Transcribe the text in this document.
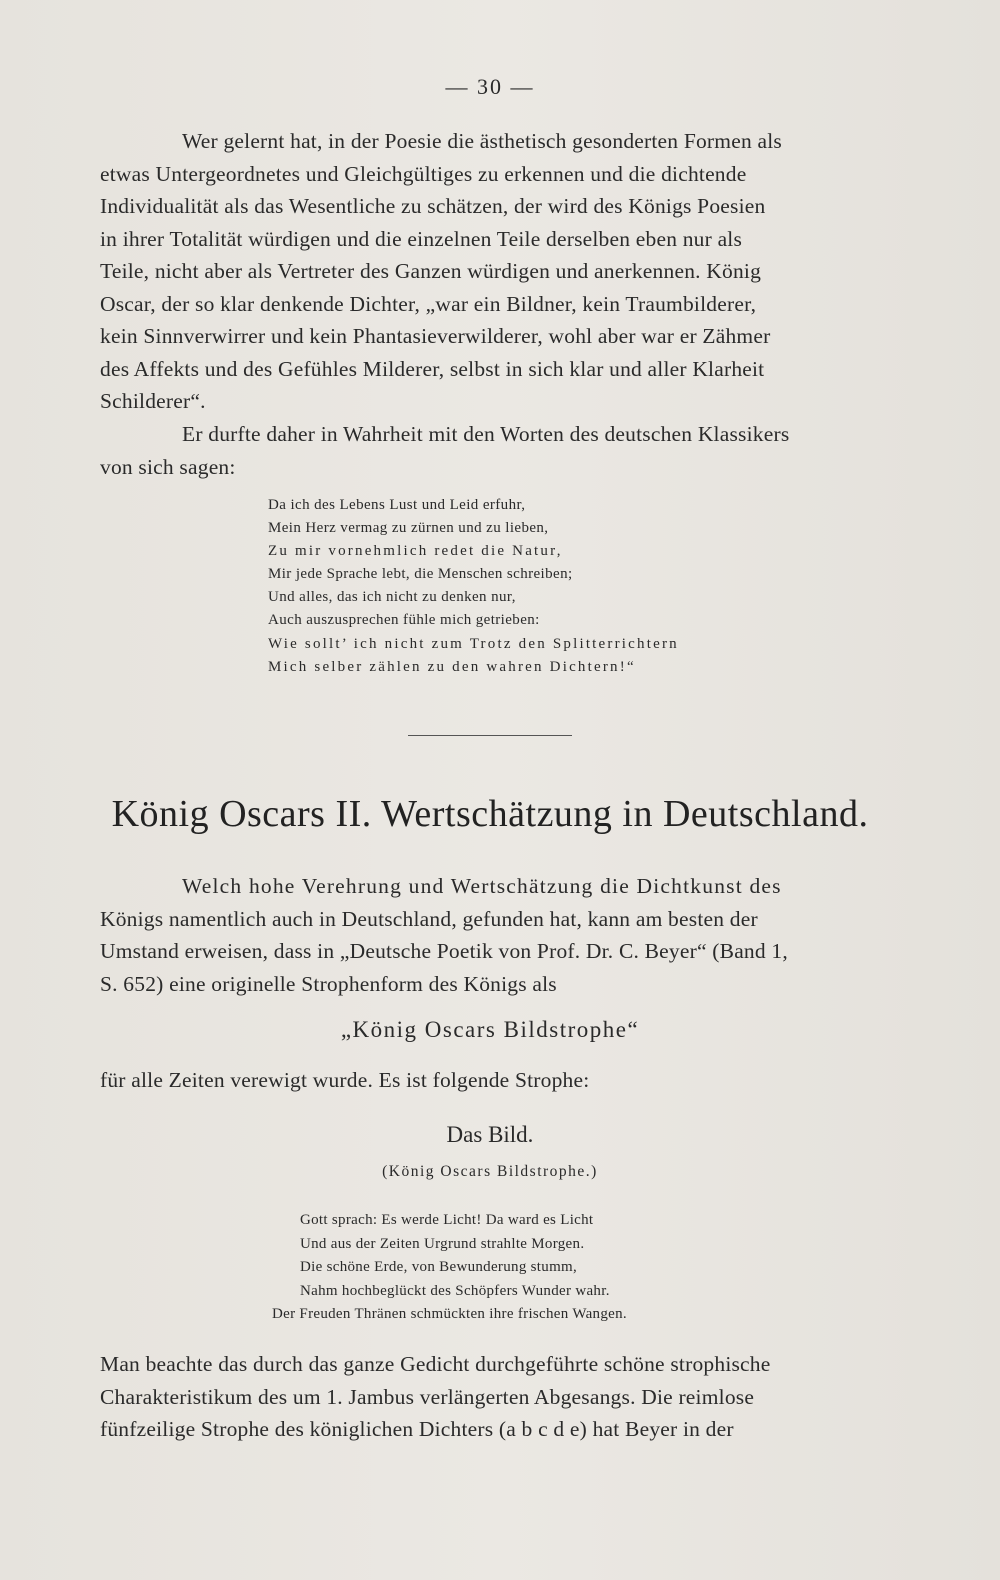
— 30 —
Wer gelernt hat, in der Poesie die ästhetisch gesonderten Formen als
etwas Untergeordnetes und Gleichgültiges zu erkennen und die dichtende
Individualität als das Wesentliche zu schätzen, der wird des Königs Poesien
in ihrer Totalität würdigen und die einzelnen Teile derselben eben nur als
Teile, nicht aber als Vertreter des Ganzen würdigen und anerkennen. König
Oscar, der so klar denkende Dichter, „war ein Bildner, kein Traumbilderer,
kein Sinnverwirrer und kein Phantasieverwilderer, wohl aber war er Zähmer
des Affekts und des Gefühles Milderer, selbst in sich klar und aller Klarheit
Schilderer“.
Er durfte daher in Wahrheit mit den Worten des deutschen Klassikers
von sich sagen:
Da ich des Lebens Lust und Leid erfuhr,
Mein Herz vermag zu zürnen und zu lieben,
Zu mir vornehmlich redet die Natur,
Mir jede Sprache lebt, die Menschen schreiben;
Und alles, das ich nicht zu denken nur,
Auch auszusprechen fühle mich getrieben:
Wie sollt’ ich nicht zum Trotz den Splitterrichtern
Mich selber zählen zu den wahren Dichtern!“
König Oscars II. Wertschätzung in Deutschland.
Welch hohe Verehrung und Wertschätzung die Dichtkunst des
Königs namentlich auch in Deutschland, gefunden hat, kann am besten der
Umstand erweisen, dass in „Deutsche Poetik von Prof. Dr. C. Beyer“ (Band 1,
S. 652) eine originelle Strophenform des Königs als
„König Oscars Bildstrophe“
für alle Zeiten verewigt wurde. Es ist folgende Strophe:
Das Bild.
(König Oscars Bildstrophe.)
Gott sprach: Es werde Licht! Da ward es Licht
Und aus der Zeiten Urgrund strahlte Morgen.
Die schöne Erde, von Bewunderung stumm,
Nahm hochbeglückt des Schöpfers Wunder wahr.
Der Freuden Thränen schmückten ihre frischen Wangen.
Man beachte das durch das ganze Gedicht durchgeführte schöne strophische
Charakteristikum des um 1. Jambus verlängerten Abgesangs. Die reimlose
fünfzeilige Strophe des königlichen Dichters (a b c d e) hat Beyer in der
